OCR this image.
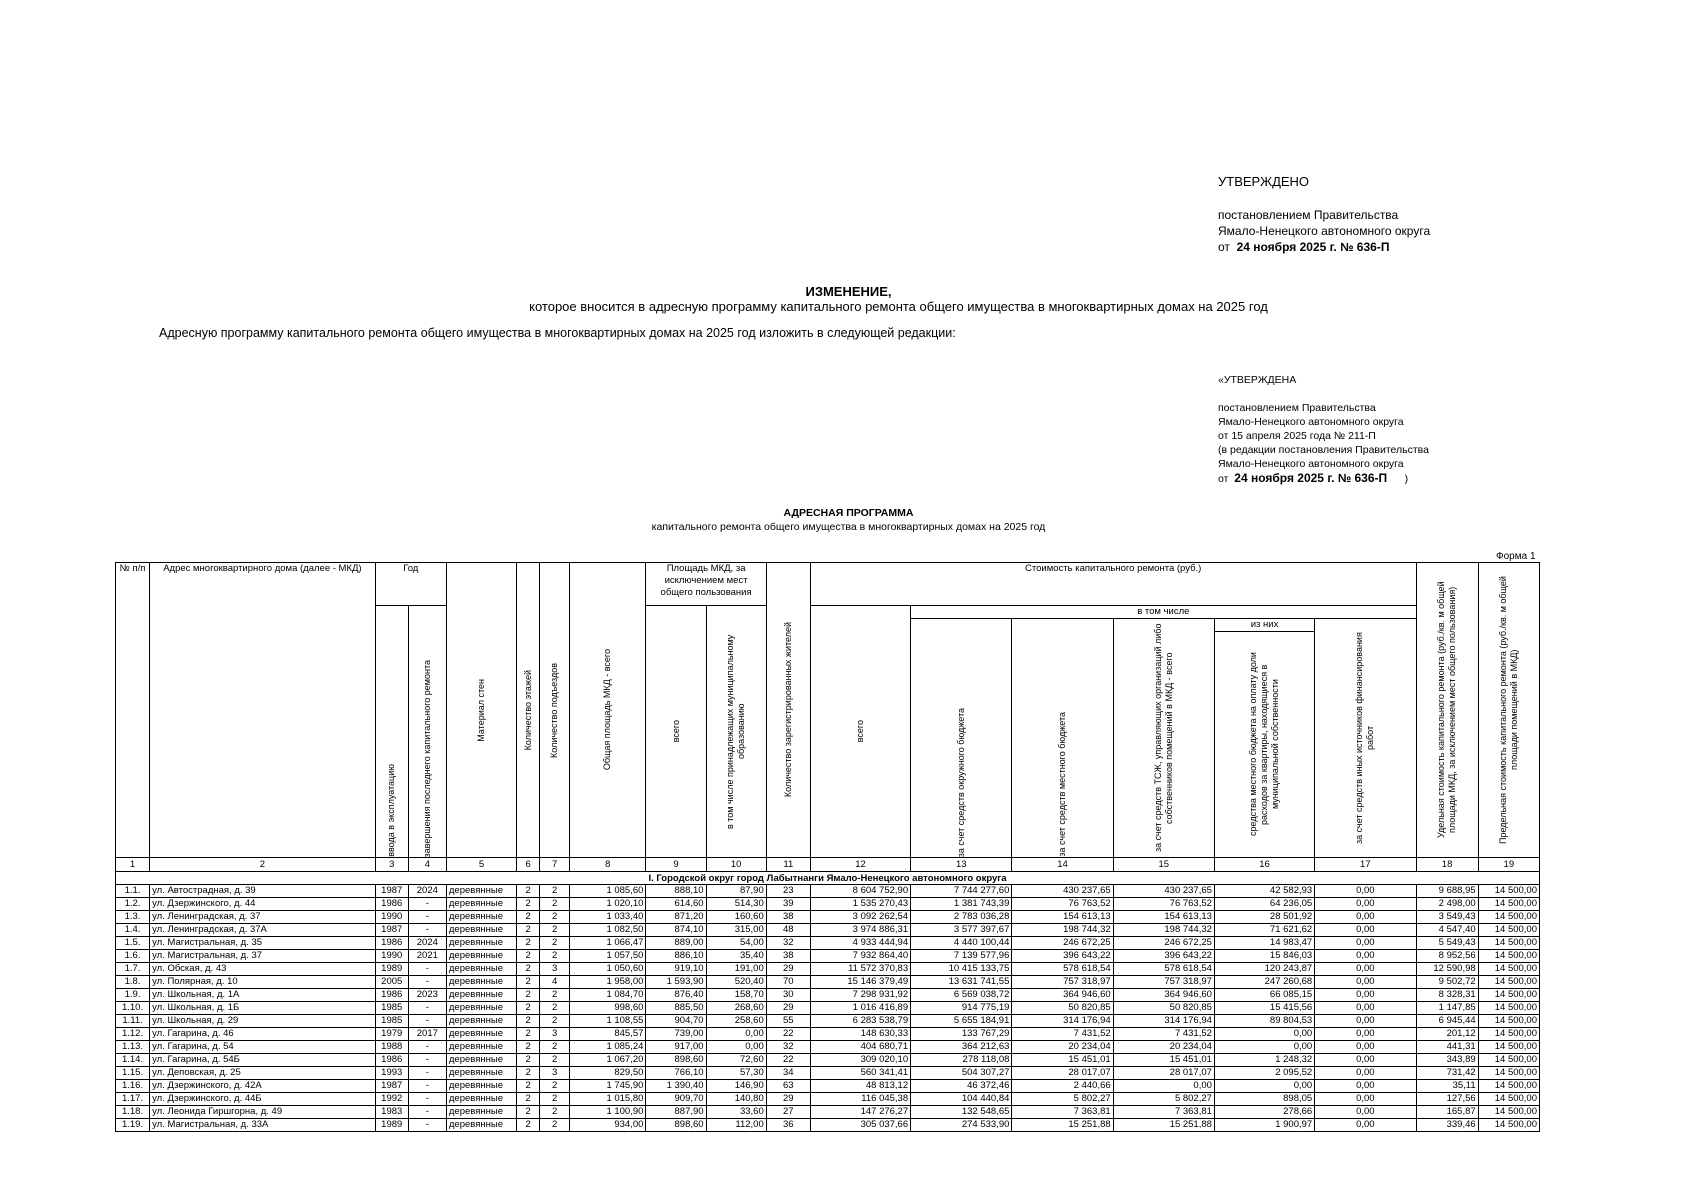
УТВЕРЖДЕНО
постановлением Правительства
Ямало-Ненецкого автономного округа
от 24 ноября 2025 г. № 636-П
ИЗМЕНЕНИЕ,
которое вносится в адресную программу капитального ремонта общего имущества в многоквартирных домах на 2025 год
Адресную программу капитального ремонта общего имущества в многоквартирных домах на 2025 год изложить в следующей редакции:
«УТВЕРЖДЕНА
постановлением Правительства
Ямало-Ненецкого автономного округа
от 15 апреля 2025 года № 211-П
(в редакции постановления Правительства
Ямало-Ненецкого автономного округа
от 24 ноября 2025 г. № 636-П )
АДРЕСНАЯ ПРОГРАММА
капитального ремонта общего имущества в многоквартирных домах на 2025 год
Форма 1
№ п/п	Адрес многоквартирного дома (далее - МКД)	Год		Материал стен	Количество этажей	Количество подъездов	Общая площадь МКД - всего	Площадь МКД, за исключением мест общего пользования		Количество зарегистрированных жителей	Стоимость капитального ремонта (руб.)						Удельная стоимость капитального ремонта (руб./кв. м общей площади МКД, за исключением мест общего пользования)	Предельная стоимость капитального ремонта (руб./кв. м общей площади помещений в МКД)

		ввода в эксплуатацию	завершения последнего капитального ремонта					всего	в том числе принадлежащих муниципальному образованию		всего	в том числе						

												за счет средств окружного бюджета	за счет средств местного бюджета	за счет средств ТСЖ, управляющих организаций либо собственников помещений в МКД - всего	из них	за счет средств иных источников финансирования работ		

															средства местного бюджета на оплату доли расходов за квартиры, находящиеся в муниципальной собственности			

1	2	3	4	5	6	7	8	9	10	11	12	13	14	15	16	17	18	19
I. Городской округ город Лабытнанги Ямало-Ненецкого автономного округа																		
1.1.	ул. Автострадная, д. 39	1987	2024	деревянные	2	2	1 085,60	888,10	87,90	23	8 604 752,90	7 744 277,60	430 237,65	430 237,65	42 582,93	0,00	9 688,95	14 500,00
1.2.	ул. Дзержинского, д. 44	1986	-	деревянные	2	2	1 020,10	614,60	514,30	39	1 535 270,43	1 381 743,39	76 763,52	76 763,52	64 236,05	0,00	2 498,00	14 500,00
1.3.	ул. Ленинградская, д. 37	1990	-	деревянные	2	2	1 033,40	871,20	160,60	38	3 092 262,54	2 783 036,28	154 613,13	154 613,13	28 501,92	0,00	3 549,43	14 500,00
1.4.	ул. Ленинградская, д. 37А	1987	-	деревянные	2	2	1 082,50	874,10	315,00	48	3 974 886,31	3 577 397,67	198 744,32	198 744,32	71 621,62	0,00	4 547,40	14 500,00
1.5.	ул. Магистральная, д. 35	1986	2024	деревянные	2	2	1 066,47	889,00	54,00	32	4 933 444,94	4 440 100,44	246 672,25	246 672,25	14 983,47	0,00	5 549,43	14 500,00
1.6.	ул. Магистральная, д. 37	1990	2021	деревянные	2	2	1 057,50	886,10	35,40	38	7 932 864,40	7 139 577,96	396 643,22	396 643,22	15 846,03	0,00	8 952,56	14 500,00
1.7.	ул. Обская, д. 43	1989	-	деревянные	2	3	1 050,60	919,10	191,00	29	11 572 370,83	10 415 133,75	578 618,54	578 618,54	120 243,87	0,00	12 590,98	14 500,00
1.8.	ул. Полярная, д. 10	2005	-	деревянные	2	4	1 958,00	1 593,90	520,40	70	15 146 379,49	13 631 741,55	757 318,97	757 318,97	247 260,68	0,00	9 502,72	14 500,00
1.9.	ул. Школьная, д. 1А	1986	2023	деревянные	2	2	1 084,70	876,40	158,70	30	7 298 931,92	6 569 038,72	364 946,60	364 946,60	66 085,15	0,00	8 328,31	14 500,00
1.10.	ул. Школьная, д. 1Б	1985	-	деревянные	2	2	998,60	885,50	268,60	29	1 016 416,89	914 775,19	50 820,85	50 820,85	15 415,56	0,00	1 147,85	14 500,00
1.11.	ул. Школьная, д. 29	1985	-	деревянные	2	2	1 108,55	904,70	258,60	55	6 283 538,79	5 655 184,91	314 176,94	314 176,94	89 804,53	0,00	6 945,44	14 500,00
1.12.	ул. Гагарина, д. 46	1979	2017	деревянные	2	3	845,57	739,00	0,00	22	148 630,33	133 767,29	7 431,52	7 431,52	0,00	0,00	201,12	14 500,00
1.13.	ул. Гагарина, д. 54	1988	-	деревянные	2	2	1 085,24	917,00	0,00	32	404 680,71	364 212,63	20 234,04	20 234,04	0,00	0,00	441,31	14 500,00
1.14.	ул. Гагарина, д. 54Б	1986	-	деревянные	2	2	1 067,20	898,60	72,60	22	309 020,10	278 118,08	15 451,01	15 451,01	1 248,32	0,00	343,89	14 500,00
1.15.	ул. Деповская, д. 25	1993	-	деревянные	2	3	829,50	766,10	57,30	34	560 341,41	504 307,27	28 017,07	28 017,07	2 095,52	0,00	731,42	14 500,00
1.16.	ул. Дзержинского, д. 42А	1987	-	деревянные	2	2	1 745,90	1 390,40	146,90	63	48 813,12	46 372,46	2 440,66	0,00	0,00	0,00	35,11	14 500,00
1.17.	ул. Дзержинского, д. 44Б	1992	-	деревянные	2	2	1 015,80	909,70	140,80	29	116 045,38	104 440,84	5 802,27	5 802,27	898,05	0,00	127,56	14 500,00
1.18.	ул. Леонида Гиршгорна, д. 49	1983	-	деревянные	2	2	1 100,90	887,90	33,60	27	147 276,27	132 548,65	7 363,81	7 363,81	278,66	0,00	165,87	14 500,00
1.19.	ул. Магистральная, д. 33А	1989	-	деревянные	2	2	934,00	898,60	112,00	36	305 037,66	274 533,90	15 251,88	15 251,88	1 900,97	0,00	339,46	14 500,00
